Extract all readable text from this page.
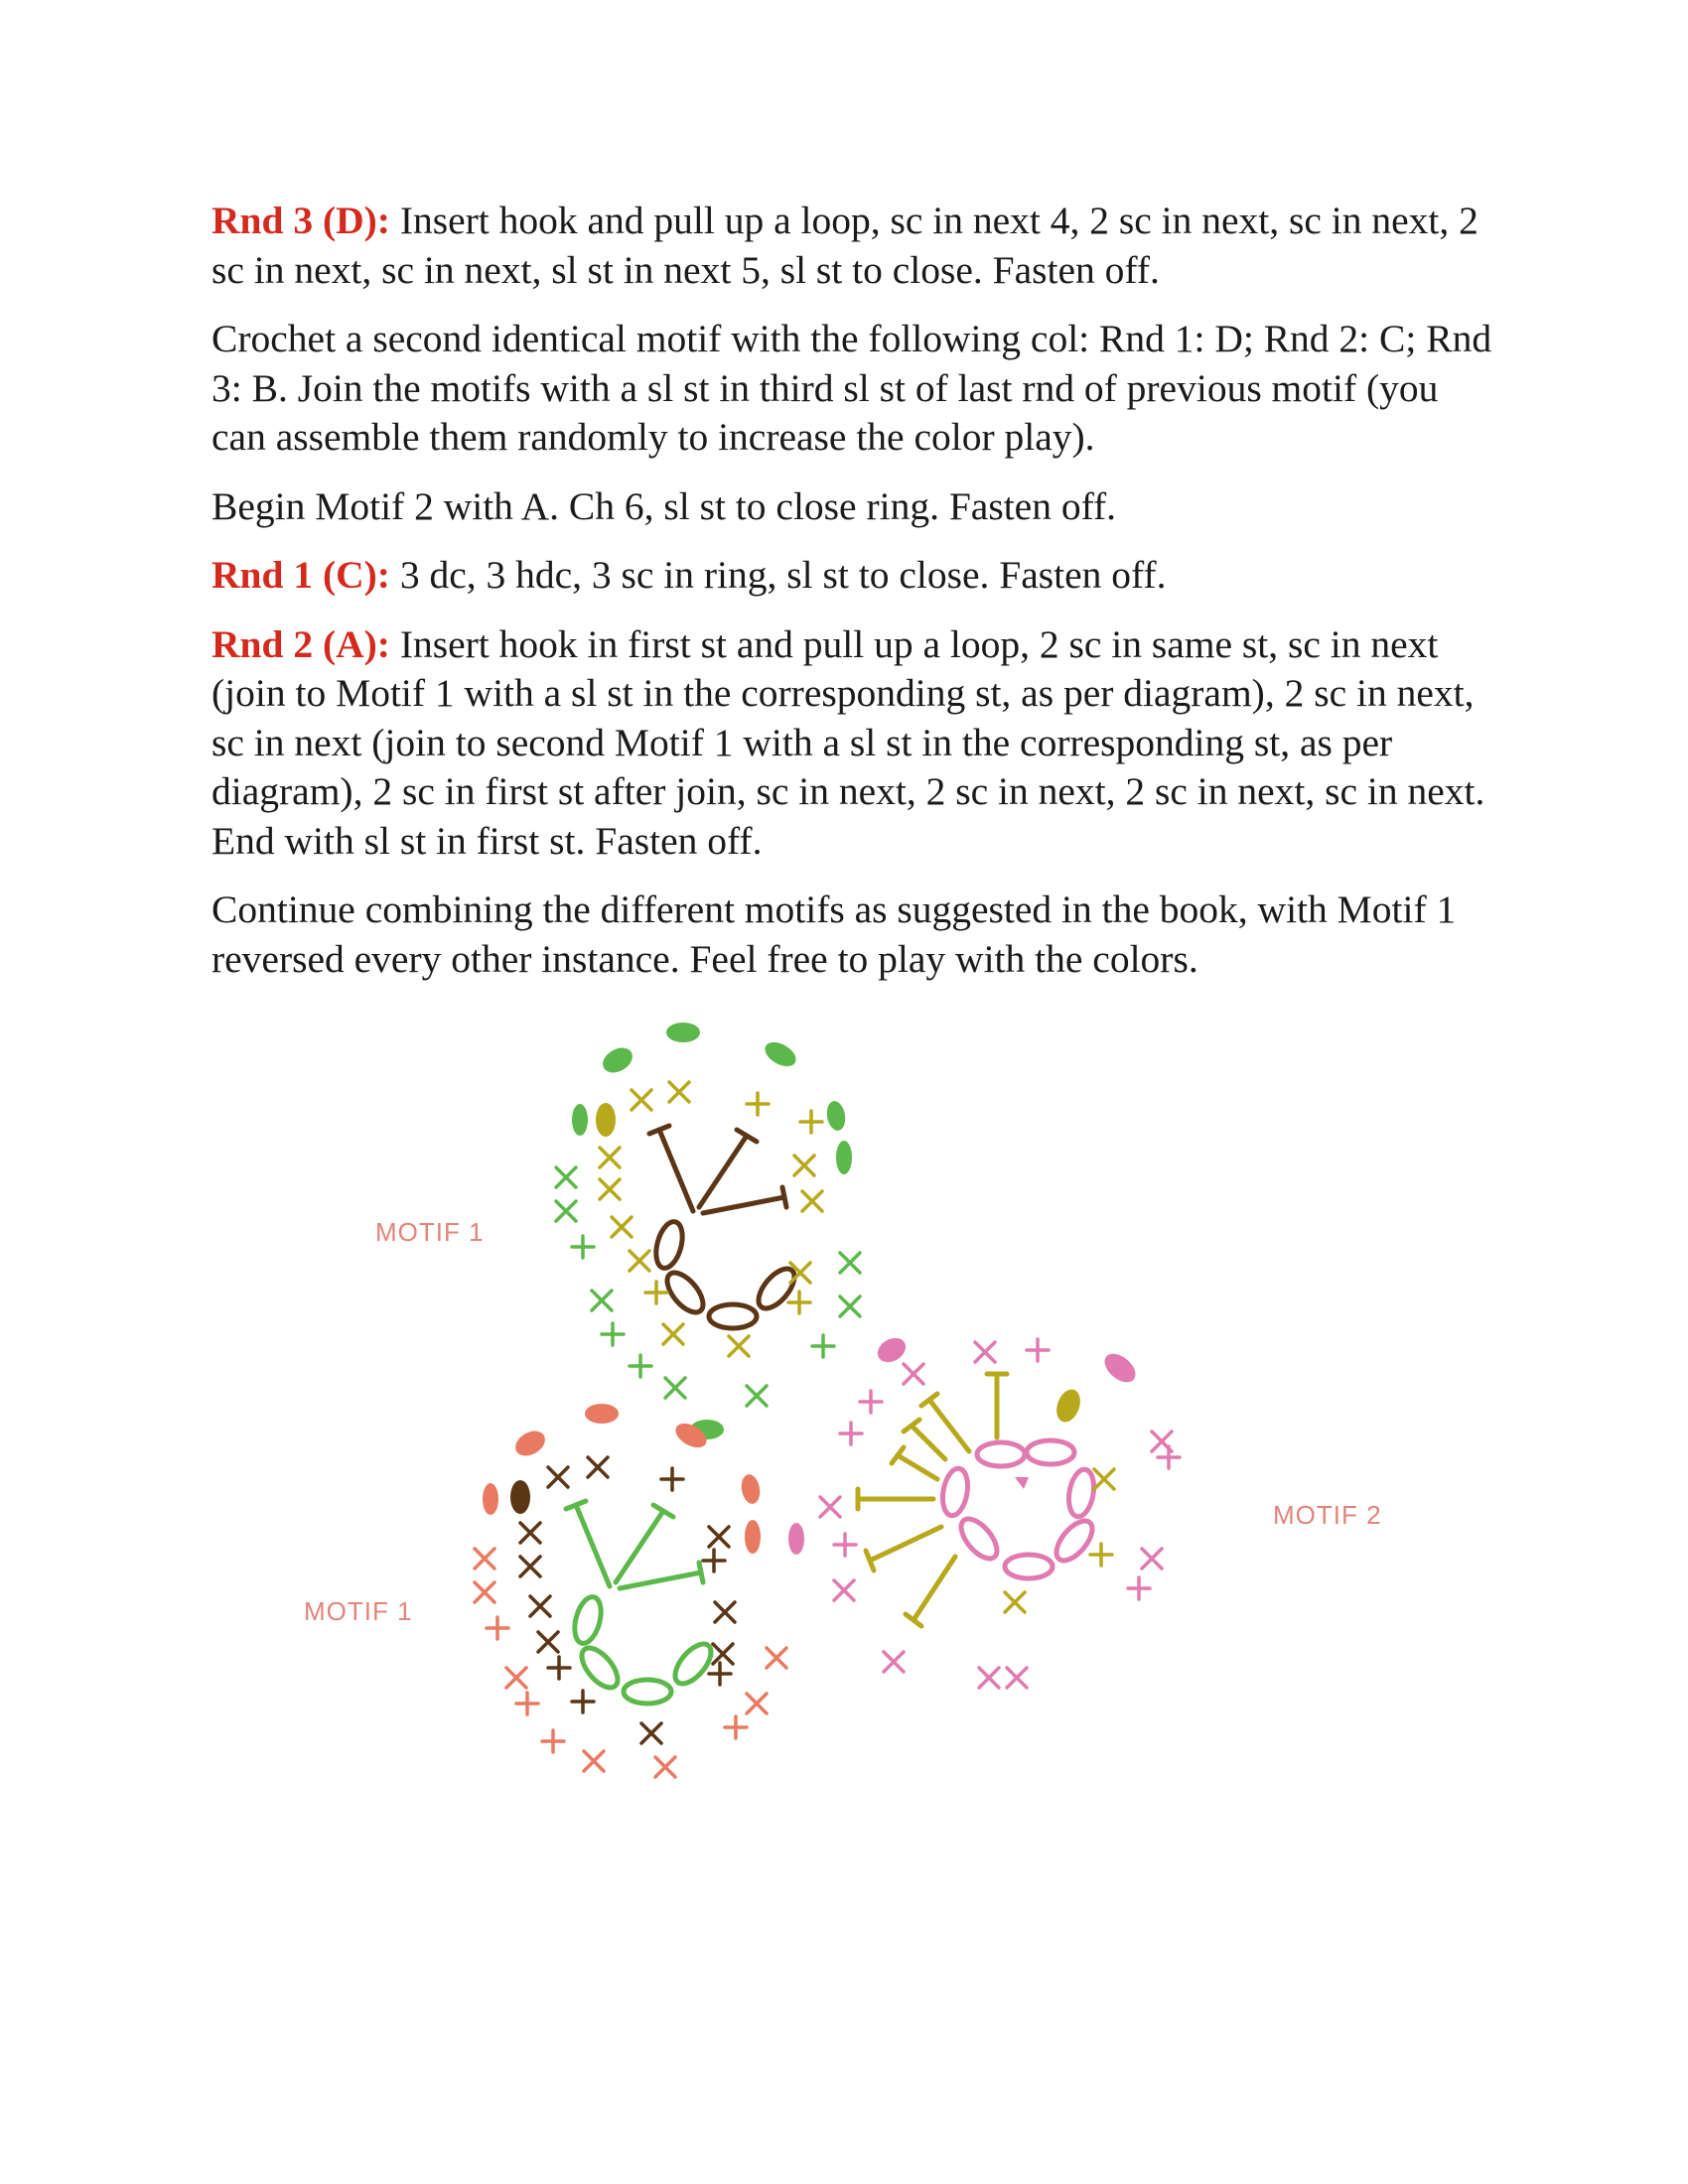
Rnd 3 (D): Insert hook and pull up a loop, sc in next 4, 2 sc in next, sc in next, 2 sc in next, sc in next, sl st in next 5, sl st to close. Fasten off.

Crochet a second identical motif with the following col: Rnd 1: D; Rnd 2: C; Rnd 3: B. Join the motifs with a sl st in third sl st of last rnd of previous motif (you can assemble them randomly to increase the color play).

Begin Motif 2 with A. Ch 6, sl st to close ring. Fasten off.

Rnd 1 (C): 3 dc, 3 hdc, 3 sc in ring, sl st to close. Fasten off.

Rnd 2 (A): Insert hook in first st and pull up a loop, 2 sc in same st, sc in next (join to Motif 1 with a sl st in the corresponding st, as per diagram), 2 sc in next, sc in next (join to second Motif 1 with a sl st in the corresponding st, as per diagram), 2 sc in first st after join, sc in next, 2 sc in next, 2 sc in next, sc in next. End with sl st in first st. Fasten off.

Continue combining the different motifs as suggested in the book, with Motif 1 reversed every other instance. Feel free to play with the colors.

MOTIF 1
MOTIF 1
MOTIF 2
